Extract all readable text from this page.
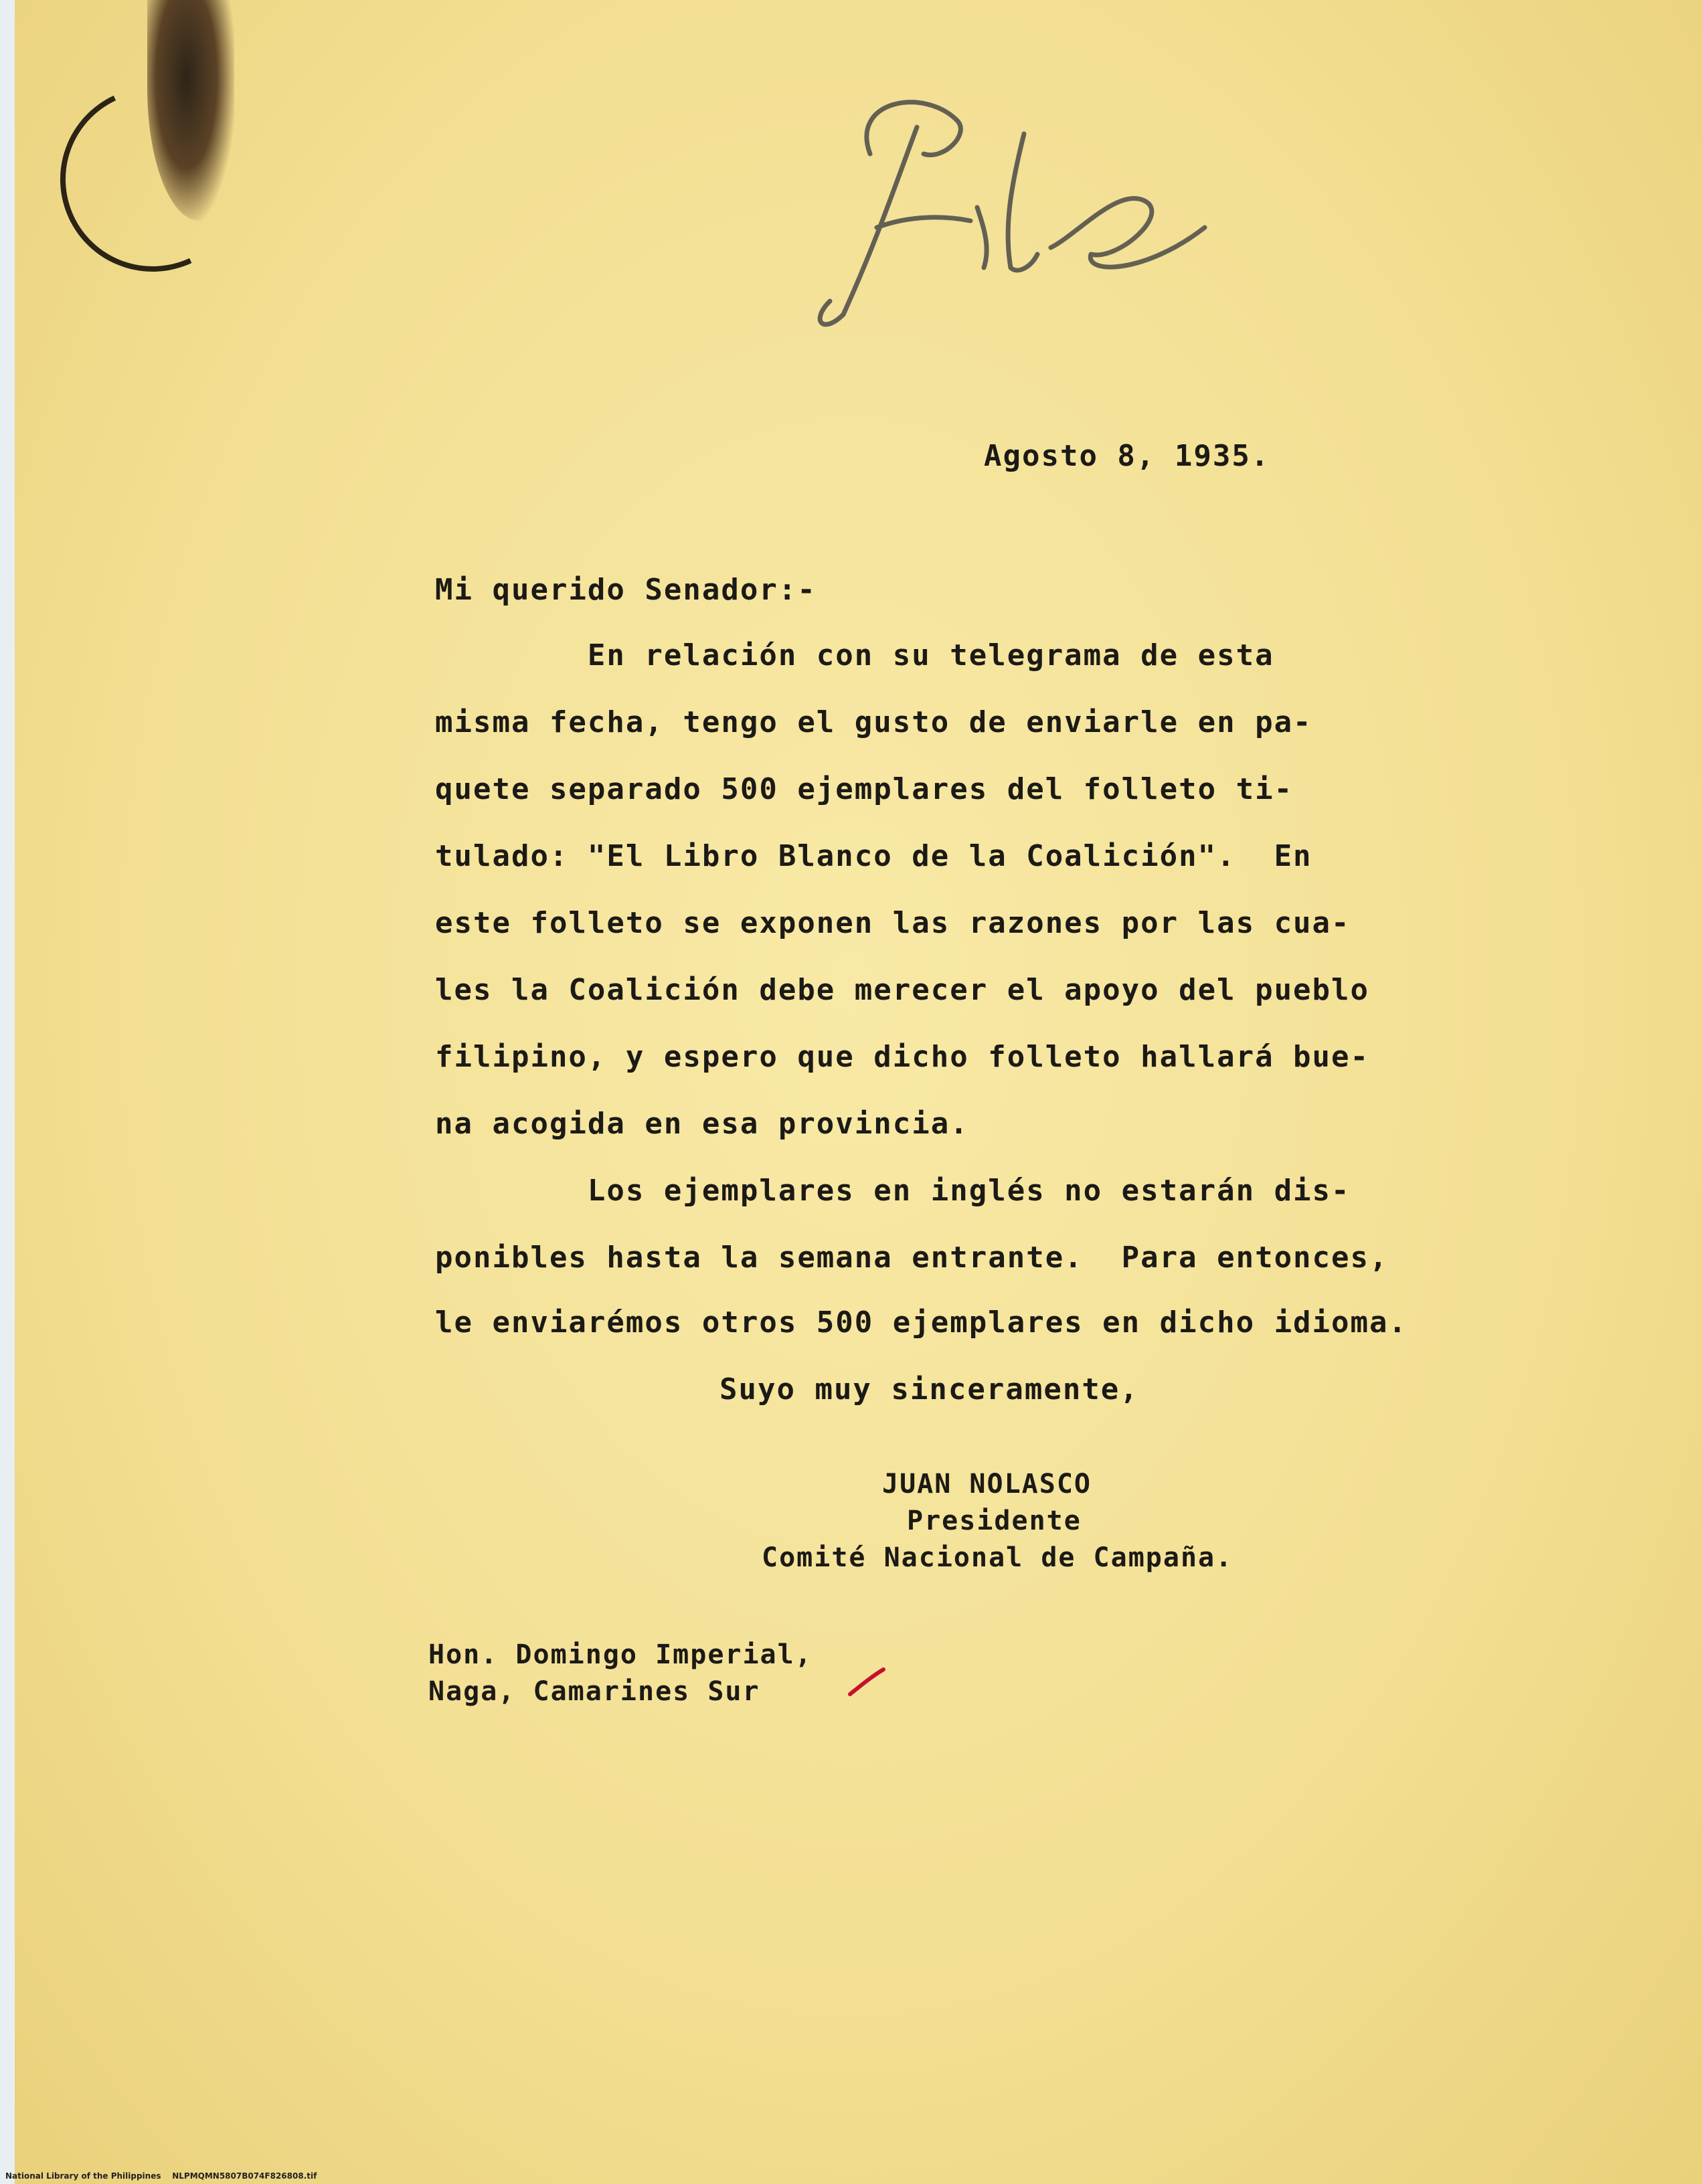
Agosto 8, 1935.

Mi querido Senador:-

En relación con su telegrama de esta

misma fecha, tengo el gusto de enviarle en pa-

quete separado 500 ejemplares del folleto ti-

tulado: "El Libro Blanco de la Coalición".  En

este folleto se exponen las razones por las cua-

les la Coalición debe merecer el apoyo del pueblo

filipino, y espero que dicho folleto hallará bue-

na acogida en esa provincia.

Los ejemplares en inglés no estarán dis-

ponibles hasta la semana entrante.  Para entonces,

le enviarémos otros 500 ejemplares en dicho idioma.

Suyo muy sinceramente,

JUAN NOLASCO

Presidente

Comité Nacional de Campaña.

Hon. Domingo Imperial,

Naga, Camarines Sur

National Library of the Philippines NLPMQMN5807B074F826808.tif
